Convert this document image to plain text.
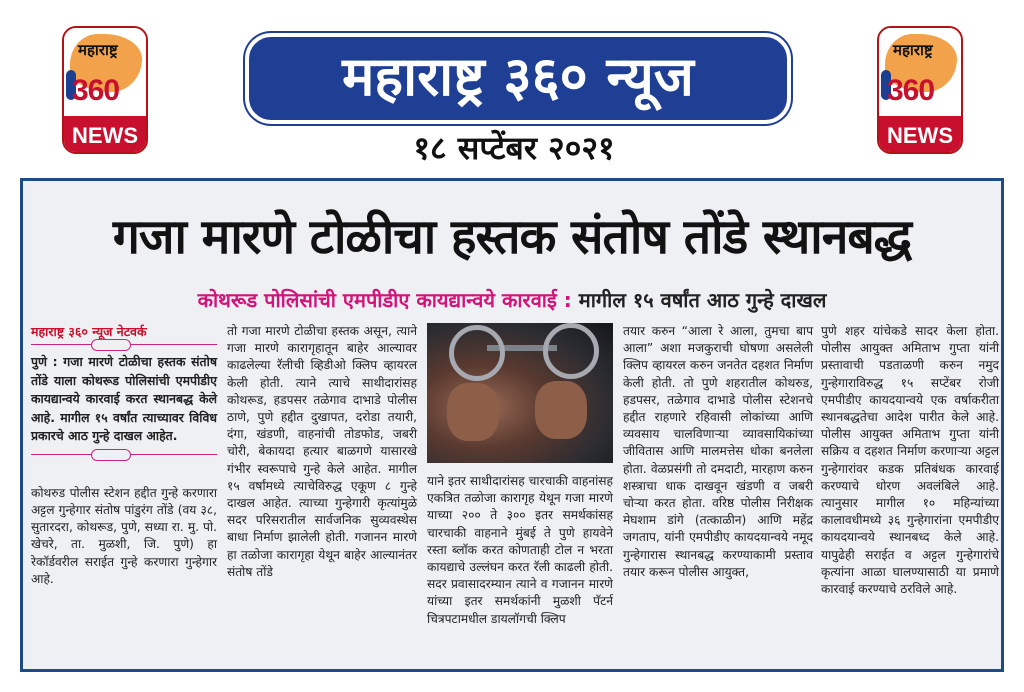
महाराष्ट्र
360
NEWS
महाराष्ट्र
360
NEWS
महाराष्ट्र ३६० न्यूज
१८ सप्टेंबर २०२१
गजा मारणे टोळीचा हस्तक संतोष तोंडे स्थानबद्ध
कोथरूड पोलिसांची एमपीडीए कायद्यान्वये कारवाई : मागील १५ वर्षांत आठ गुन्हे दाखल
महाराष्ट्र ३६० न्यूज नेटवर्क
पुणे : गजा मारणे टोळीचा हस्तक संतोष तोंडे याला कोथरूड पोलिसांची एमपीडीए कायद्यान्वये कारवाई करत स्थानबद्ध केले आहे. मागील १५ वर्षांत त्याच्यावर विविध प्रकारचे आठ गुन्हे दाखल आहेत.
कोथरुड पोलीस स्टेशन हद्दीत गुन्हे करणारा अट्टल गुन्हेगार संतोष पांडुरंग तोंडे (वय ३८, सुतारदरा, कोथरूड, पुणे, सध्या रा. मु. पो. खेचरे, ता. मुळशी, जि. पुणे) हा रेकॉर्डवरील सराईत गुन्हे करणारा गुन्हेगार आहे.
तो गजा मारणे टोळीचा हस्तक असून, त्याने गजा मारणे कारागृहातून बाहेर आल्यावर काढलेल्या रॅलीची व्हिडीओ क्लिप व्हायरल केली होती. त्याने त्याचे साथीदारांसह कोथरूड, हडपसर तळेगाव दाभाडे पोलीस ठाणे, पुणे हद्दीत दुखापत, दरोडा तयारी, दंगा, खंडणी, वाहनांची तोडफोड, जबरी चोरी, बेकायदा हत्यार बाळगणे यासारखे गंभीर स्वरूपाचे गुन्हे केले आहेत. मागील १५ वर्षांमध्ये त्याचेविरुद्ध एकूण ८ गुन्हे दाखल आहेत. त्याच्या गुन्हेगारी कृत्यांमुळे सदर परिसरातील सार्वजनिक सुव्यवस्थेस बाधा निर्माण झालेली होती. गजानन मारणे हा तळोजा कारागृहा येथून बाहेर आल्यानंतर संतोष तोंडे
याने इतर साथीदारांसह चारचाकी वाहनांसह एकत्रित तळोजा कारागृह येथून गजा मारणे याच्या २०० ते ३०० इतर समर्थकांसह चारचाकी वाहनाने मुंबई ते पुणे हायवेने रस्ता ब्लॉक करत कोणताही टोल न भरता कायद्याचे उल्लंघन करत रॅली काढली होती. सदर प्रवासादरम्यान त्याने व गजानन मारणे यांच्या इतर समर्थकांनी मुळशी पॅटर्न चित्रपटामधील डायलॉगची क्लिप
तयार करुन “आला रे आला, तुमचा बाप आला” अशा मजकुराची घोषणा असलेली क्लिप व्हायरल करुन जनतेत दहशत निर्माण केली होती. तो पुणे शहरातील कोथरुड, हडपसर, तळेगाव दाभाडे पोलीस स्टेशनचे हद्दीत राहणारे रहिवासी लोकांच्या आणि व्यवसाय चालविणाऱ्या व्यावसायिकांच्या जीवितास आणि मालमत्तेस धोका बनलेला होता. वेळप्रसंगी तो दमदाटी, मारहाण करुन शस्त्राचा धाक दाखवून खंडणी व जबरी चोऱ्या करत होता. वरिष्ठ पोलीस निरीक्षक मेघशाम डांगे (तत्काळीन) आणि महेंद्र जगताप, यांनी एमपीडीए कायदयान्वये नमूद गुन्हेगारास स्थानबद्ध करण्याकामी प्रस्ताव तयार करून पोलीस आयुक्त,
पुणे शहर यांचेकडे सादर केला होता. पोलीस आयुक्त अमिताभ गुप्ता यांनी प्रस्तावाची पडताळणी करुन नमुद गुन्हेगाराविरुद्ध १५ सप्टेंबर रोजी एमपीडीए कायदयान्वये एक वर्षाकरीता स्थानबद्धतेचा आदेश पारीत केले आहे. पोलीस आयुक्त अमिताभ गुप्ता यांनी सक्रिय व दहशत निर्माण करणाऱ्या अट्टल गुन्हेगारांवर कडक प्रतिबंधक कारवाई करण्याचे धोरण अवलंबिले आहे. त्यानुसार मागील १० महिन्यांच्या कालावधीमध्ये ३६ गुन्हेगारांना एमपीडीए कायदयान्वये स्थानबध्द केले आहे. यापुढेही सराईत व अट्टल गुन्हेगारांचे कृत्यांना आळा घालण्यासाठी या प्रमाणे कारवाई करण्याचे ठरविले आहे.
